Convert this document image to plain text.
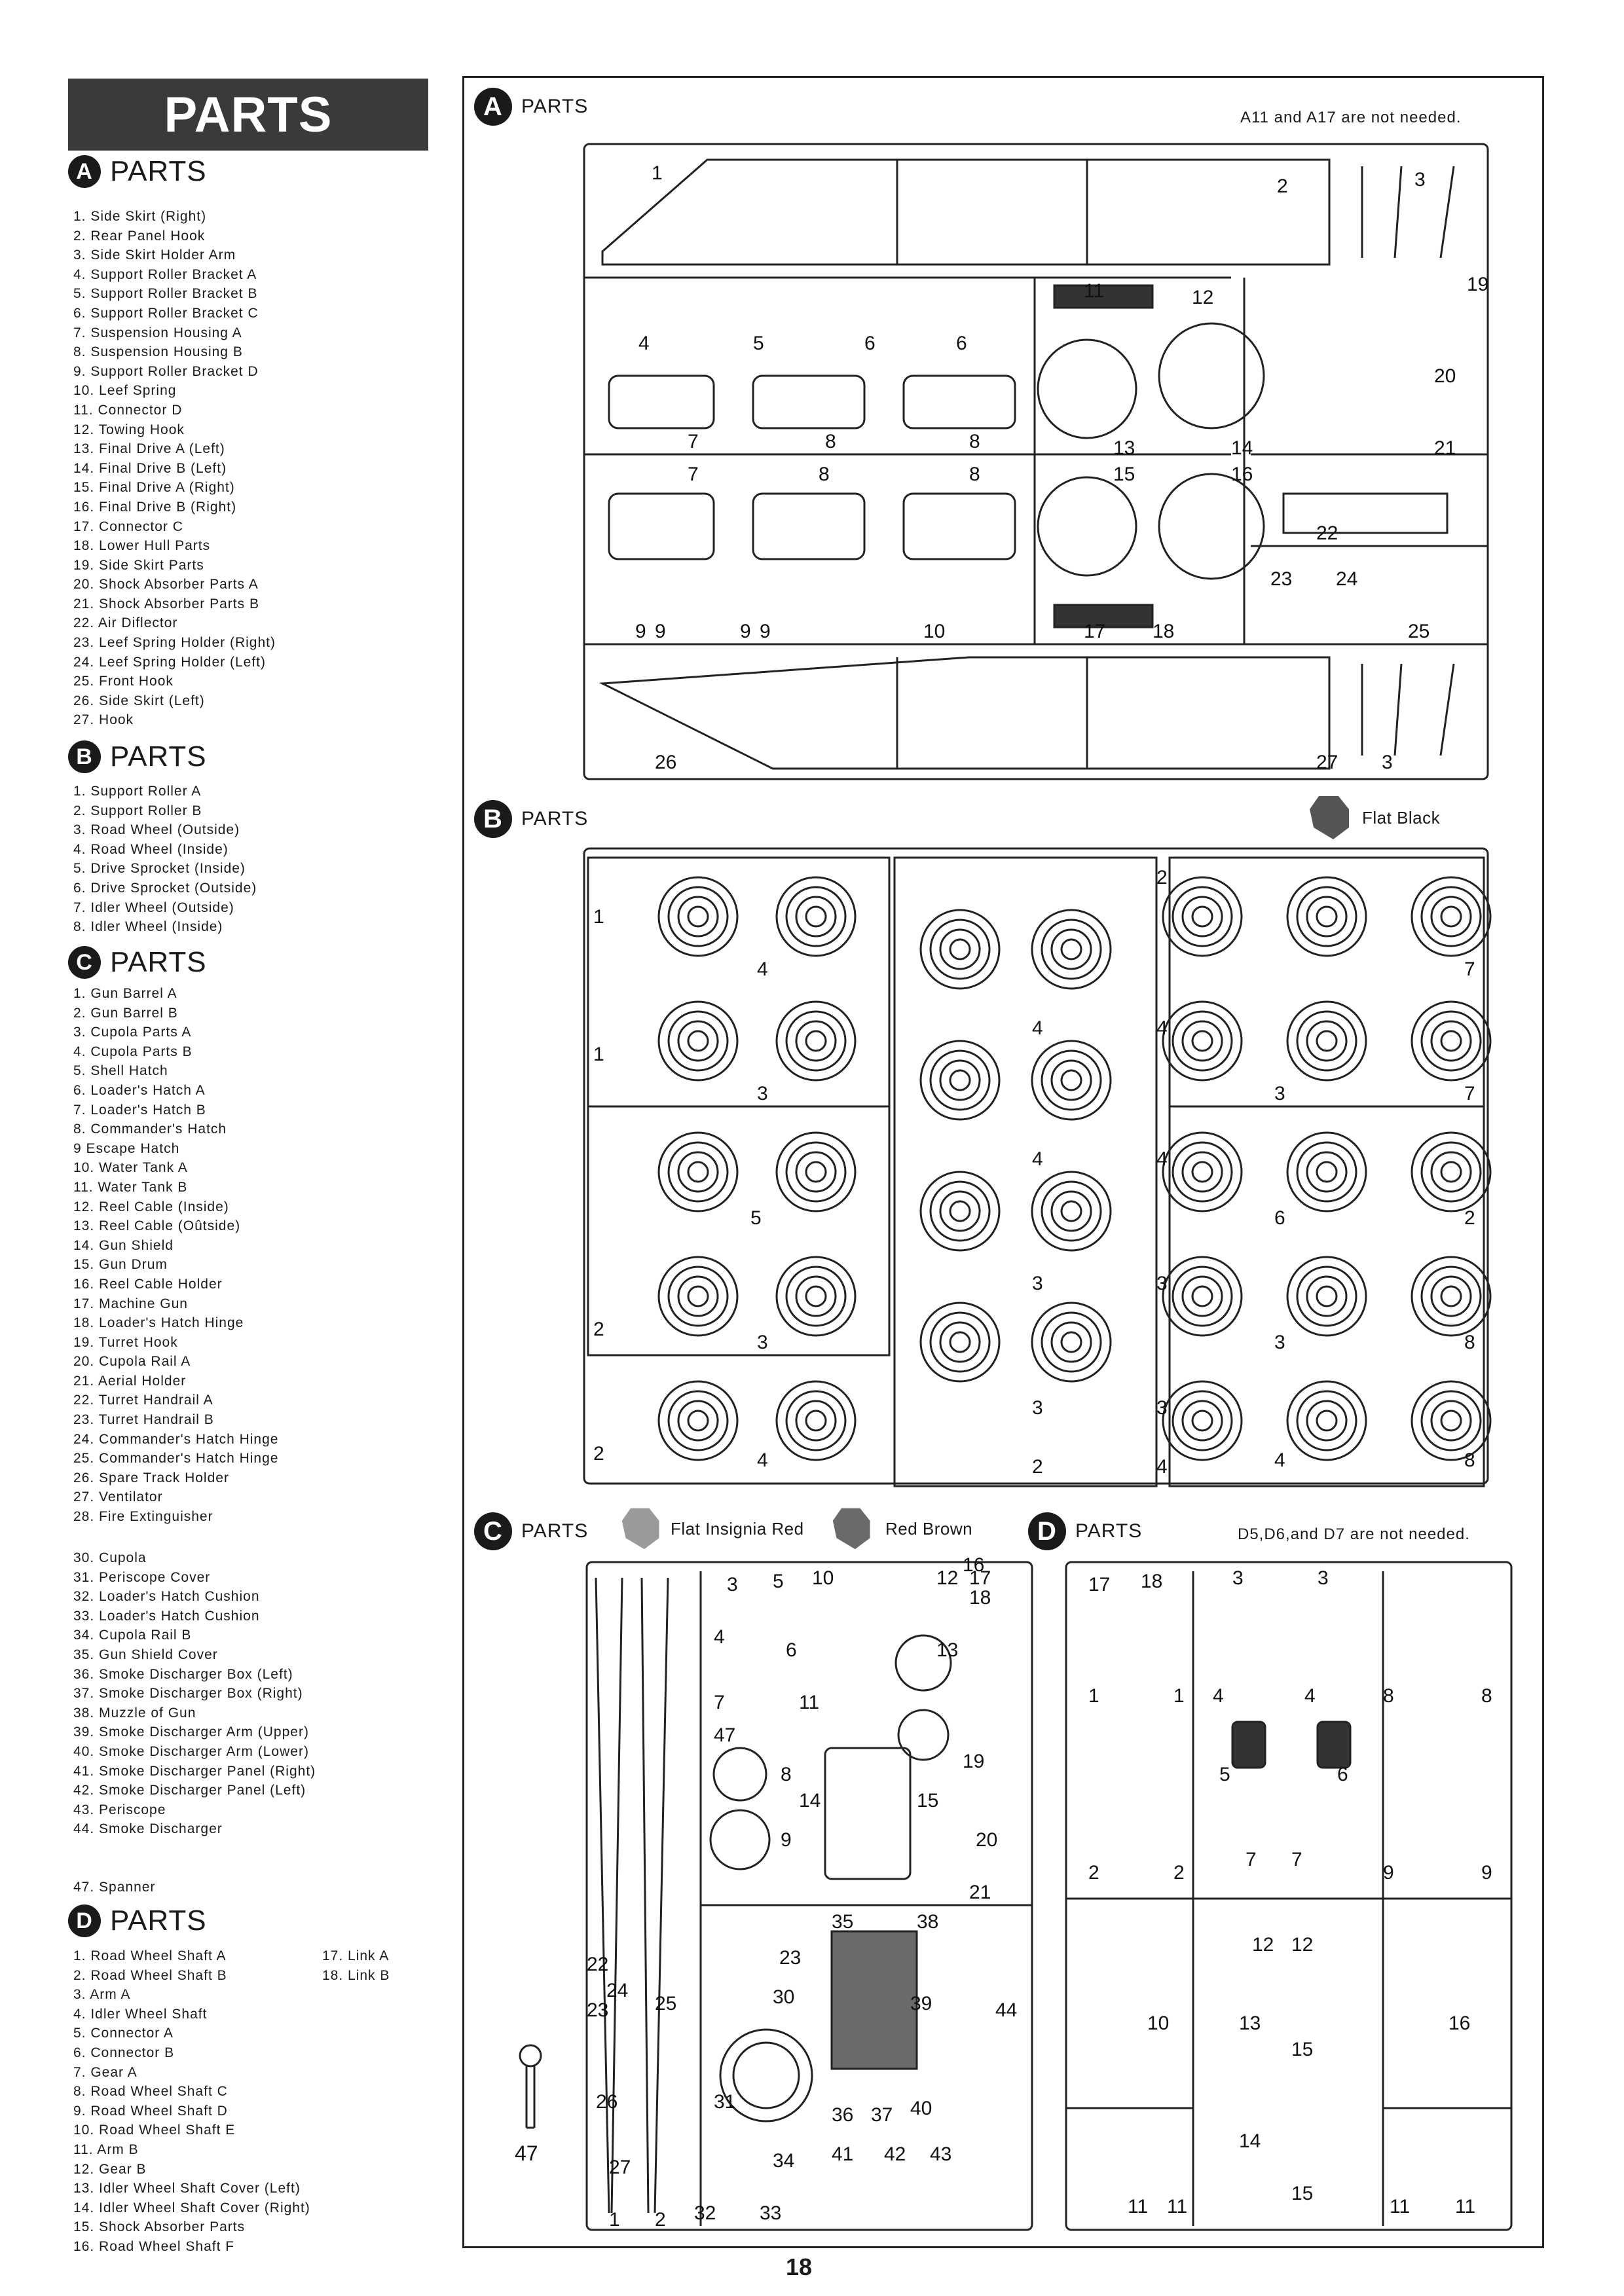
PARTS
A PARTS
1. Side Skirt (Right)
2. Rear Panel Hook
3. Side Skirt Holder Arm
4. Support Roller Bracket A
5. Support Roller Bracket B
6. Support Roller Bracket C
7. Suspension Housing A
8. Suspension Housing B
9. Support Roller Bracket D
10. Leef Spring
11. Connector D
12. Towing Hook
13. Final Drive A (Left)
14. Final Drive B (Left)
15. Final Drive A (Right)
16. Final Drive B (Right)
17. Connector C
18. Lower Hull Parts
19. Side Skirt Parts
20. Shock Absorber Parts A
21. Shock Absorber Parts B
22. Air Diflector
23. Leef Spring Holder (Right)
24. Leef Spring Holder (Left)
25. Front Hook
26. Side Skirt (Left)
27. Hook
B PARTS
1. Support Roller A
2. Support Roller B
3. Road Wheel (Outside)
4. Road Wheel (Inside)
5. Drive Sprocket (Inside)
6. Drive Sprocket (Outside)
7. Idler Wheel (Outside)
8. Idler Wheel (Inside)
C PARTS
1. Gun Barrel A
2. Gun Barrel B
3. Cupola Parts A
4. Cupola Parts B
5. Shell Hatch
6. Loader's Hatch A
7. Loader's Hatch B
8. Commander's Hatch
9 Escape Hatch
10. Water Tank A
11. Water Tank B
12. Reel Cable (Inside)
13. Reel Cable (Oûtside)
14. Gun Shield
15. Gun Drum
16. Reel Cable Holder
17. Machine Gun
18. Loader's Hatch Hinge
19. Turret Hook
20. Cupola Rail A
21. Aerial Holder
22. Turret Handrail A
23. Turret Handrail B
24. Commander's Hatch Hinge
25. Commander's Hatch Hinge
26. Spare Track Holder
27. Ventilator
28. Fire Extinguisher
30. Cupola
31. Periscope Cover
32. Loader's Hatch Cushion
33. Loader's Hatch Cushion
34. Cupola Rail B
35. Gun Shield Cover
36. Smoke Discharger Box (Left)
37. Smoke Discharger Box (Right)
38. Muzzle of Gun
39. Smoke Discharger Arm (Upper)
40. Smoke Discharger Arm (Lower)
41. Smoke Discharger Panel (Right)
42. Smoke Discharger Panel (Left)
43. Periscope
44. Smoke Discharger
47. Spanner
D PARTS
1. Road Wheel Shaft A
2. Road Wheel Shaft B
3. Arm A
4. Idler Wheel Shaft
5. Connector A
6. Connector B
7. Gear A
8. Road Wheel Shaft C
9. Road Wheel Shaft D
10. Road Wheel Shaft E
11. Arm B
12. Gear B
13. Idler Wheel Shaft Cover (Left)
14. Idler Wheel Shaft Cover (Right)
15. Shock Absorber Parts
16. Road Wheel Shaft F
17. Link A
18. Link B
A PARTS
A11 and A17 are not needed.
B PARTS	Flat Black
C PARTS	Flat Insignia Red	Red Brown	D PARTS	D5,D6,and D7 are not needed.
1
2	3
4	5	6	6
7	8	8
7	8	8
9 9	9 9	10
11	12
13	14
15	16
17 18
19
20
21
22
23 24
25
26	27 3
1
4
2
4	4
7
1
3
4	4
3	7
5
3	3
6	2
2
3
3	3
3	8
2	4	4
2	4	8
1 2
3
4
5
6
7
8
9
10
11
12
13
14	15
16
17
18
19
20
21
22	23
23
24
25
26
27
30
31
32 33
34
35
36 37
38
39
40
41 42 43
44
47
47
17 18	3	3
1	1 4	4	8	8
5	6
2	2
7 7
9	9
12 12
10	13
15
16
14
11 11
15
11 11
18
